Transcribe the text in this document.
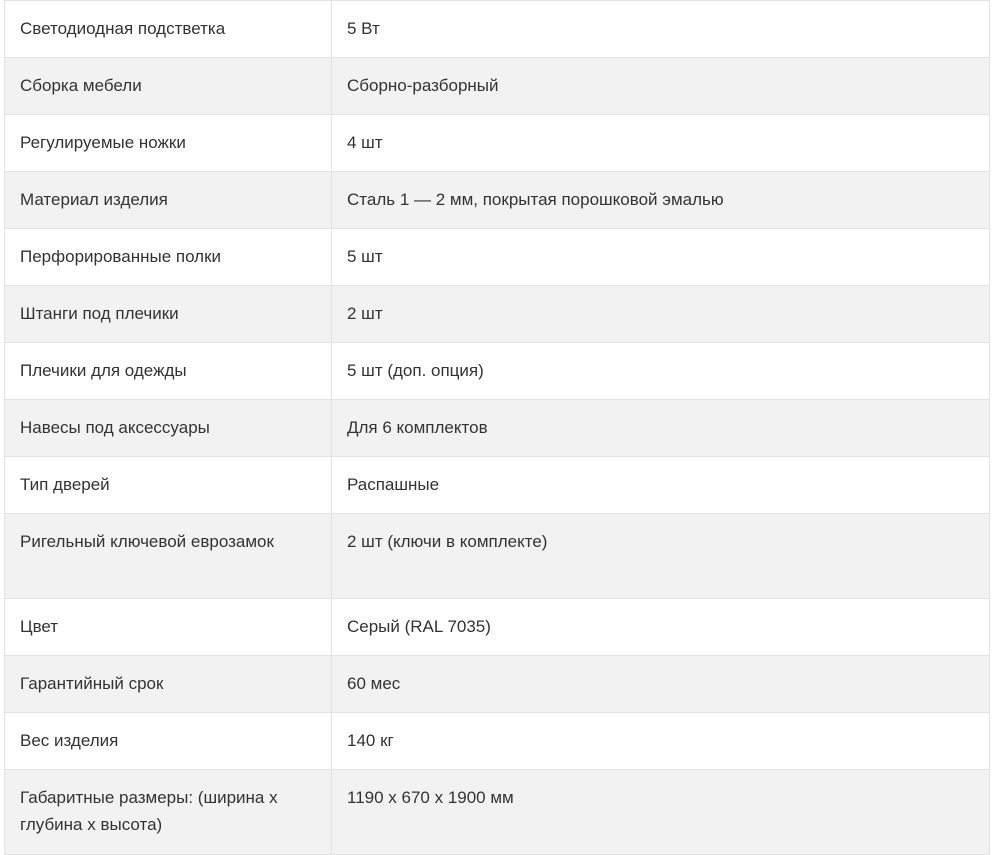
Светодиодная подстветка	5 Вт
Сборка мебели	Сборно-разборный
Регулируемые ножки	4 шт
Материал изделия	Сталь 1 — 2 мм, покрытая порошковой эмалью
Перфорированные полки	5 шт
Штанги под плечики	2 шт
Плечики для одежды	5 шт (доп. опция)
Навесы под аксессуары	Для 6 комплектов
Тип дверей	Распашные
Ригельный ключевой еврозамок	2 шт (ключи в комплекте)
Цвет	Серый (RAL 7035)
Гарантийный срок	60 мес
Вес изделия	140 кг
Габаритные размеры: (ширина х глубина х высота)	1190 х 670 х 1900 мм
